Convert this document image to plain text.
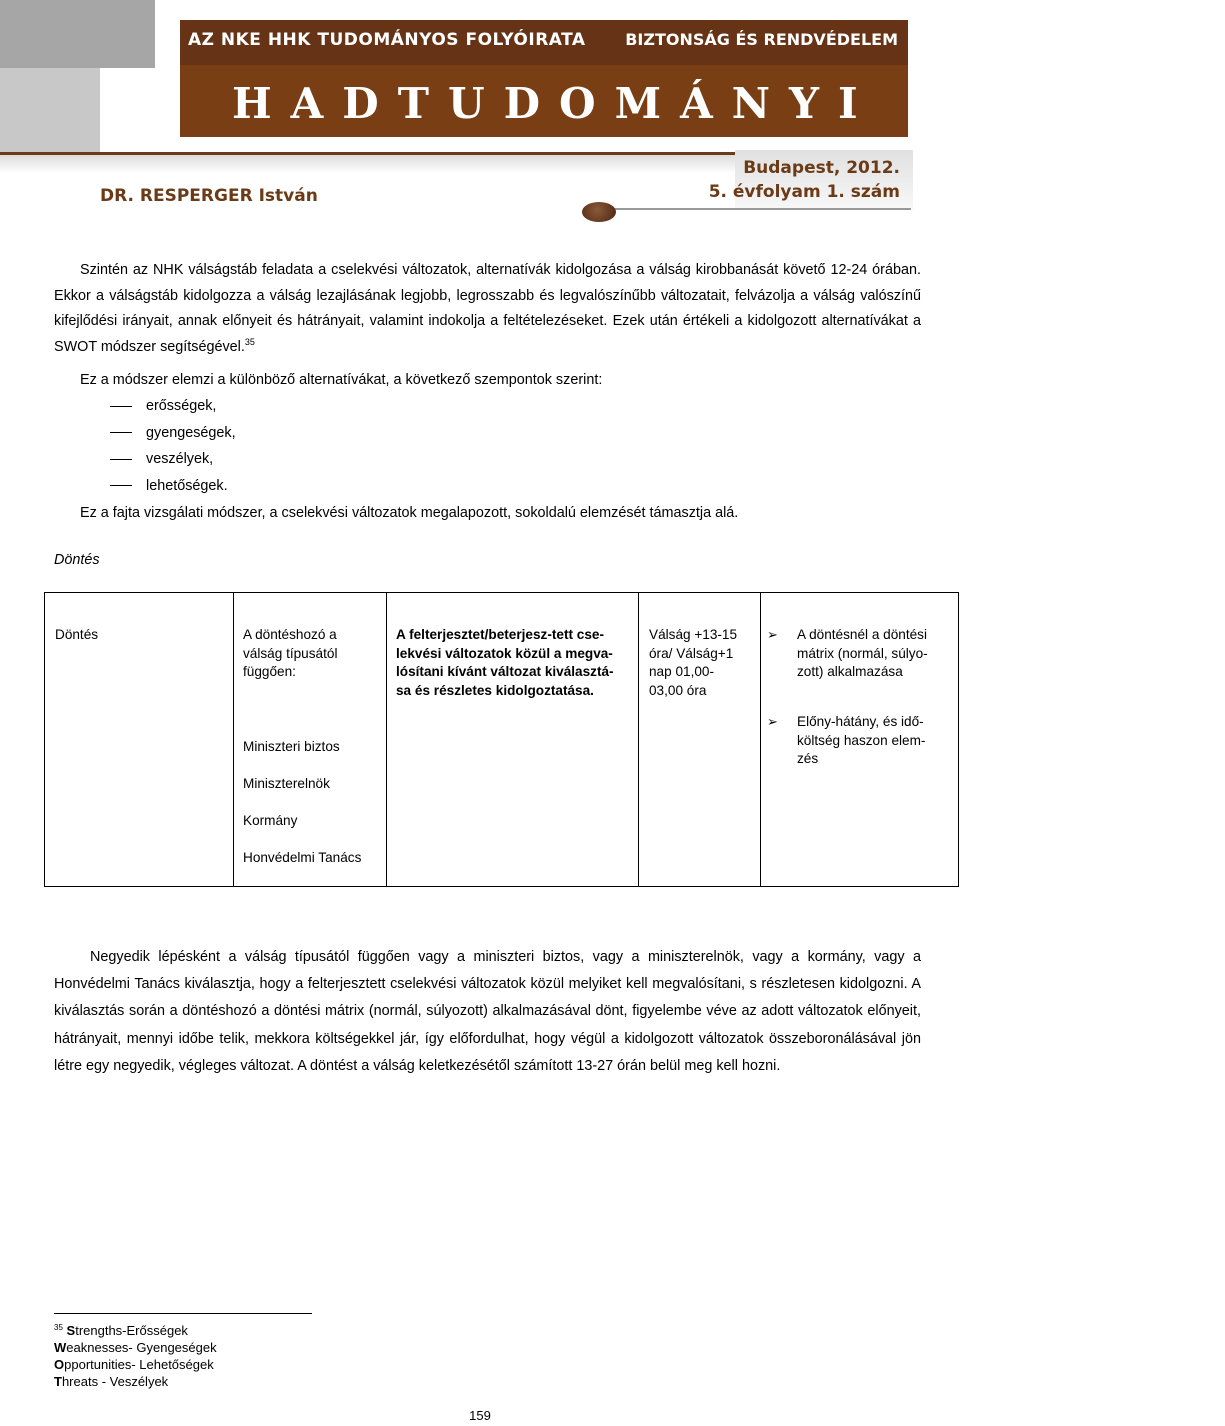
AZ NKE HHK TUDOMÁNYOS FOLYÓIRATA BIZTONSÁG ÉS RENDVÉDELEM
HADTUDOMÁNYI SZEMLE
DR. RESPERGER István
Budapest, 2012.
5. évfolyam 1. szám
Szintén az NHK válságstáb feladata a cselekvési változatok, alternatívák kidolgozása a válság kirobbanását követő 12-24 órában. Ekkor a válságstáb kidolgozza a válság lezajlásának legjobb, legrosszabb és legvalószínűbb változatait, felvázolja a válság valószínű kifejlődési irányait, annak előnyeit és hátrányait, valamint indokolja a feltételezéseket. Ezek után értékeli a kidolgozott alternatívákat a SWOT módszer segítségével.$^{35}$
Ez a módszer elemzi a különböző alternatívákat, a következő szempontok szerint:
erősségek,
gyengeségek,
veszélyek,
lehetőségek.
Ez a fajta vizsgálati módszer, a cselekvési változatok megalapozott, sokoldalú elemzését támasztja alá.
Döntés
Döntés	A döntéshozó a
válság típusától
függően:
Miniszteri biztos
Miniszterelnök
Kormány
Honvédelmi Tanács
A felterjesztet/beterjesz-tett cse-
lekvési változatok közül a megva-
lósítani kívánt változat kiválasztá-
sa és részletes kidolgoztatása.
Válság +13-15
óra/ Válság+1
nap 01,00-
03,00 óra
➢ A döntésnél a döntési
mátrix (normál, súlyo-
zott) alkalmazása
➢ Előny-hátány, és idő-
költség haszon elem-
zés
Negyedik lépésként a válság típusától függően vagy a miniszteri biztos, vagy a miniszterelnök, vagy a kormány, vagy a Honvédelmi Tanács kiválasztja, hogy a felterjesztett cselekvési változatok közül melyiket kell megvalósítani, s részletesen kidolgozni. A kiválasztás során a döntéshozó a döntési mátrix (normál, súlyozott) alkalmazásával dönt, figyelembe véve az adott változatok előnyeit, hátrányait, mennyi időbe telik, mekkora költségekkel jár, így előfordulhat, hogy végül a kidolgozott változatok összeboronálásával jön létre egy negyedik, végleges változat. A döntést a válság keletkezésétől számított 13-27 órán belül meg kell hozni.
$^{35}$ Strengths-Erősségek
Weaknesses- Gyengeségek
Opportunities- Lehetőségek
Threats - Veszélyek
159
